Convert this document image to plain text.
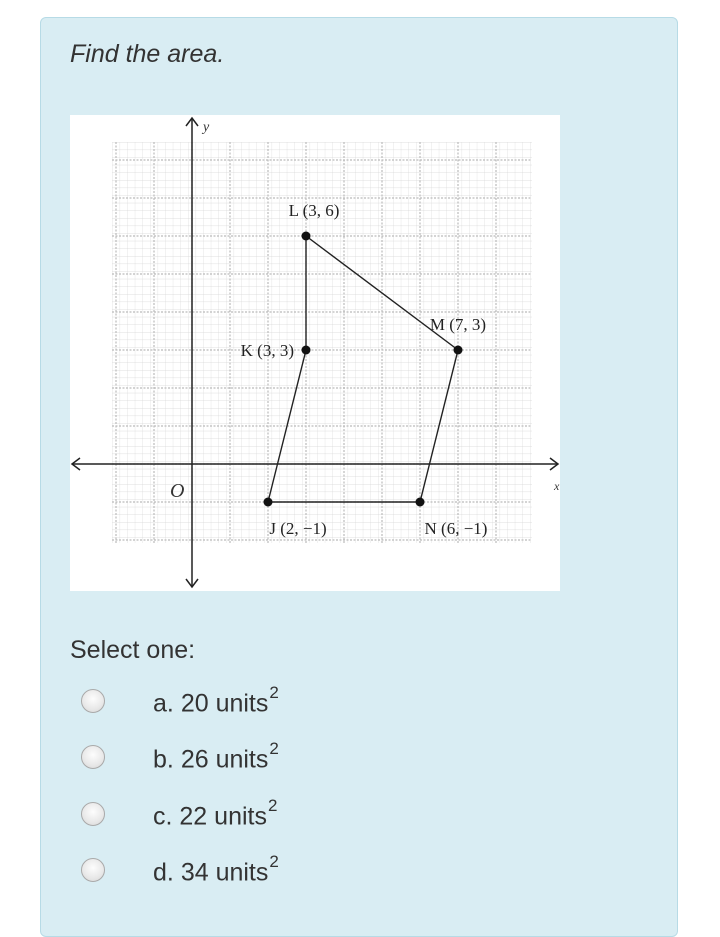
Find the area.
L (3, 6)
K (3, 3)
M (7, 3)
J (2, −1)	N (6, −1)
x
y
O
Select one:
a. 20 units$^2$
b. 26 units$^2$
c. 22 units$^2$
d. 34 units$^2$
